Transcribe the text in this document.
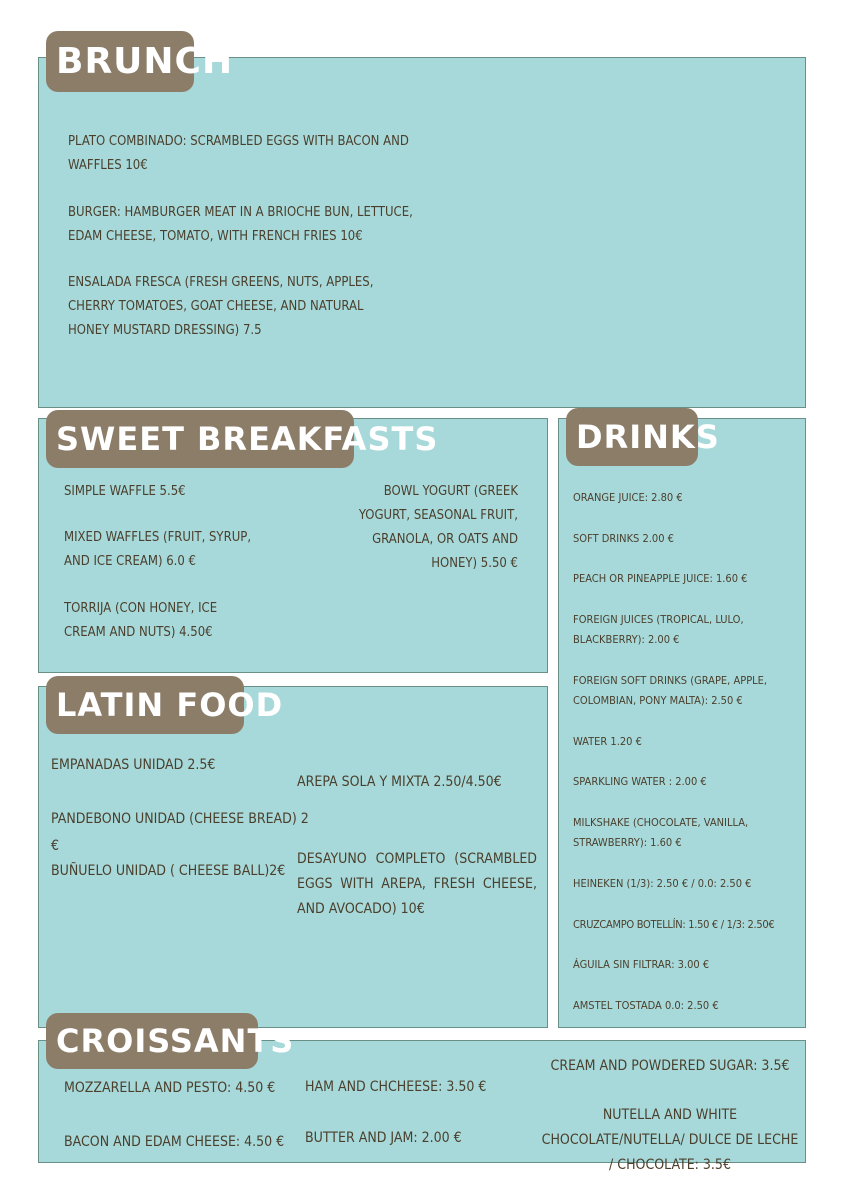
BRUNCH
PLATO COMBINADO: SCRAMBLED EGGS WITH BACON AND WAFFLES 10€
BURGER: HAMBURGER MEAT IN A BRIOCHE BUN, LETTUCE, EDAM CHEESE, TOMATO, WITH FRENCH FRIES 10€
ENSALADA FRESCA (FRESH GREENS, NUTS, APPLES, CHERRY TOMATOES, GOAT CHEESE, AND NATURAL HONEY MUSTARD DRESSING) 7.5
SWEET BREAKFASTS
SIMPLE WAFFLE 5.5€
MIXED WAFFLES (FRUIT, SYRUP, AND ICE CREAM) 6.0 €
TORRIJA (CON HONEY, ICE CREAM AND NUTS) 4.50€
BOWL YOGURT (GREEK YOGURT, SEASONAL FRUIT, GRANOLA, OR OATS AND HONEY) 5.50 €
DRINKS
ORANGE JUICE: 2.80 €
SOFT DRINKS 2.00 €
PEACH OR PINEAPPLE JUICE: 1.60 €
FOREIGN JUICES (TROPICAL, LULO, BLACKBERRY): 2.00 €
FOREIGN SOFT DRINKS (GRAPE, APPLE, COLOMBIAN, PONY MALTA): 2.50 €
WATER 1.20 €
SPARKLING WATER : 2.00 €
MILKSHAKE (CHOCOLATE, VANILLA, STRAWBERRY): 1.60 €
HEINEKEN (1/3): 2.50 € / 0.0: 2.50 €
CRUZCAMPO BOTELLÍN: 1.50 € / 1/3: 2.50€
ÁGUILA SIN FILTRAR: 3.00 €
AMSTEL TOSTADA 0.0: 2.50 €
LATIN FOOD
EMPANADAS UNIDAD 2.5€
PANDEBONO UNIDAD (CHEESE BREAD) 2 €
BUÑUELO UNIDAD ( CHEESE BALL)2€
AREPA SOLA Y MIXTA 2.50/4.50€
DESAYUNO COMPLETO (SCRAMBLED EGGS WITH AREPA, FRESH CHEESE, AND AVOCADO) 10€
CROISSANTS
MOZZARELLA AND PESTO: 4.50 €
BACON AND EDAM CHEESE: 4.50 €
HAM AND CHCHEESE: 3.50 €
BUTTER AND JAM: 2.00 €
CREAM AND POWDERED SUGAR: 3.5€
NUTELLA AND WHITE CHOCOLATE/NUTELLA/ DULCE DE LECHE / CHOCOLATE: 3.5€
